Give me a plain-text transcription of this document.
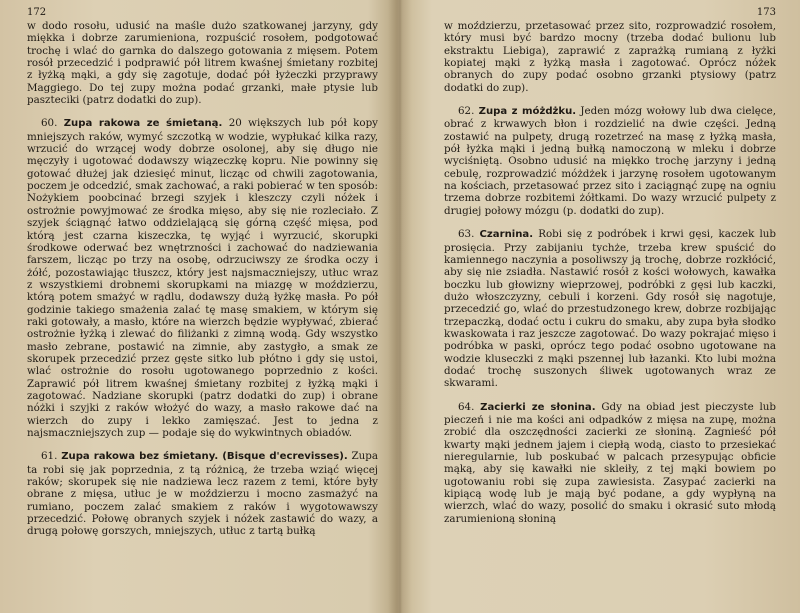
172

w dodo rosołu, udusić na maśle dużo szatkowanej jarzyny, gdy miękka i dobrze zarumieniona, rozpuścić rosołem, podgotować trochę i wlać do garnka do dalszego gotowania z mięsem. Potem rosół przecedzić i podprawić pół litrem kwaśnej śmietany rozbitej z łyżką mąki, a gdy się zagotuje, dodać pół łyżeczki przyprawy Maggiego. Do tej zupy można podać grzanki, małe ptysie lub paszteciki (patrz dodatki do zup).

60. Zupa rakowa ze śmietaną. 20 większych lub pół kopy mniejszych raków, wymyć szczotką w wodzie, wypłukać kilka razy, wrzucić do wrzącej wody dobrze osolonej, aby się długo nie męczyły i ugotować dodawszy wiązeczkę kopru. Nie powinny się gotować dłużej jak dziesięć minut, licząc od chwili zagotowania, poczem je odcedzić, smak zachować, a raki pobierać w ten sposób: Nożykiem poobcinać brzegi szyjek i kleszczy czyli nóżek i ostrożnie powyjmować ze środka mięso, aby się nie rozleciało. Z szyjek ściągnąć łatwo oddzielającą się górną część mięsa, pod którą jest czarna kiszeczka, tę wyjąć i wyrzucić, skorupki środkowe oderwać bez wnętrzności i zachować do nadziewania farszem, licząc po trzy na osobę, odrzuciwszy ze środka oczy i żółć, pozostawiając tłuszcz, który jest najsmaczniejszy, utłuc wraz z wszystkiemi drobnemi skorupkami na miazgę w moździerzu, którą potem smażyć w rądlu, dodawszy dużą łyżkę masła. Po pół godzinie takiego smażenia zalać tę masę smakiem, w którym się raki gotowały, a masło, które na wierzch będzie wypływać, zbierać ostrożnie łyżką i zlewać do filiżanki z zimną wodą. Gdy wszystko masło zebrane, postawić na zimnie, aby zastygło, a smak ze skorupek przecedzić przez gęste sitko lub płótno i gdy się ustoi, wlać ostrożnie do rosołu ugotowanego poprzednio z kości. Zaprawić pół litrem kwaśnej śmietany rozbitej z łyżką mąki i zagotować. Nadziane skorupki (patrz dodatki do zup) i obrane nóżki i szyjki z raków włożyć do wazy, a masło rakowe dać na wierzch do zupy i lekko zamięszać. Jest to jedna z najsmaczniejszych zup — podaje się do wykwintnych obiadów.

61. Zupa rakowa bez śmietany. (Bisque d'ecrevisses). Zupa ta robi się jak poprzednia, z tą różnicą, że trzeba wziąć więcej raków; skorupek się nie nadziewa lecz razem z temi, które były obrane z mięsa, utłuc je w moździerzu i mocno zasmażyć na rumiano, poczem zalać smakiem z raków i wygotowawszy przecedzić. Połowę obranych szyjek i nóżek zastawić do wazy, a drugą połowę gorszych, mniejszych, utłuc z tartą bułką

173

w moździerzu, przetasować przez sito, rozprowadzić rosołem, który musi być bardzo mocny (trzeba dodać bulionu lub ekstraktu Liebiga), zaprawić z zaprażką rumianą z łyżki kopiatej mąki z łyżką masła i zagotować. Oprócz nóżek obranych do zupy podać osobno grzanki ptysiowy (patrz dodatki do zup).

62. Zupa z móżdżku. Jeden mózg wołowy lub dwa cielęce, obrać z krwawych błon i rozdzielić na dwie części. Jedną zostawić na pulpety, drugą rozetrzeć na masę z łyżką masła, pół łyżka mąki i jedną bułką namoczoną w mleku i dobrze wyciśniętą. Osobno udusić na miękko trochę jarzyny i jedną cebulę, rozprowadzić móżdżek i jarzynę rosołem ugotowanym na kościach, przetasować przez sito i zaciągnąć zupę na ogniu trzema dobrze rozbitemi żółtkami. Do wazy wrzucić pulpety z drugiej połowy mózgu (p. dodatki do zup).

63. Czarnina. Robi się z podróbek i krwi gęsi, kaczek lub prosięcia. Przy zabijaniu tychże, trzeba krew spuścić do kamiennego naczynia a posoliwszy ją trochę, dobrze rozkłócić, aby się nie zsiadła. Nastawić rosół z kości wołowych, kawałka boczku lub głowizny wieprzowej, podróbki z gęsi lub kaczki, dużo włoszczyzny, cebuli i korzeni. Gdy rosół się nagotuje, przecedzić go, wlać do przestudzonego krew, dobrze rozbijając trzepaczką, dodać octu i cukru do smaku, aby zupa była słodko kwaskowata i raz jeszcze zagotować. Do wazy pokrajać mięso i podróbka w paski, oprócz tego podać osobno ugotowane na wodzie kluseczki z mąki pszennej lub łazanki. Kto lubi można dodać trochę suszonych śliwek ugotowanych wraz ze skwarami.

64. Zacierki ze słonina. Gdy na obiad jest pieczyste lub pieczeń i nie ma kości ani odpadków z mięsa na zupę, można zrobić dla oszczędności zacierki ze słoniną. Zagnieść pół kwarty mąki jednem jajem i ciepłą wodą, ciasto to przesiekać nieregularnie, lub poskubać w palcach przesypując obficie mąką, aby się kawałki nie skleiły, z tej mąki bowiem po ugotowaniu robi się zupa zawiesista. Zasypać zacierki na kipiącą wodę lub je mają być podane, a gdy wypłyną na wierzch, wlać do wazy, posolić do smaku i okrasić suto młodą zarumienioną słoniną
